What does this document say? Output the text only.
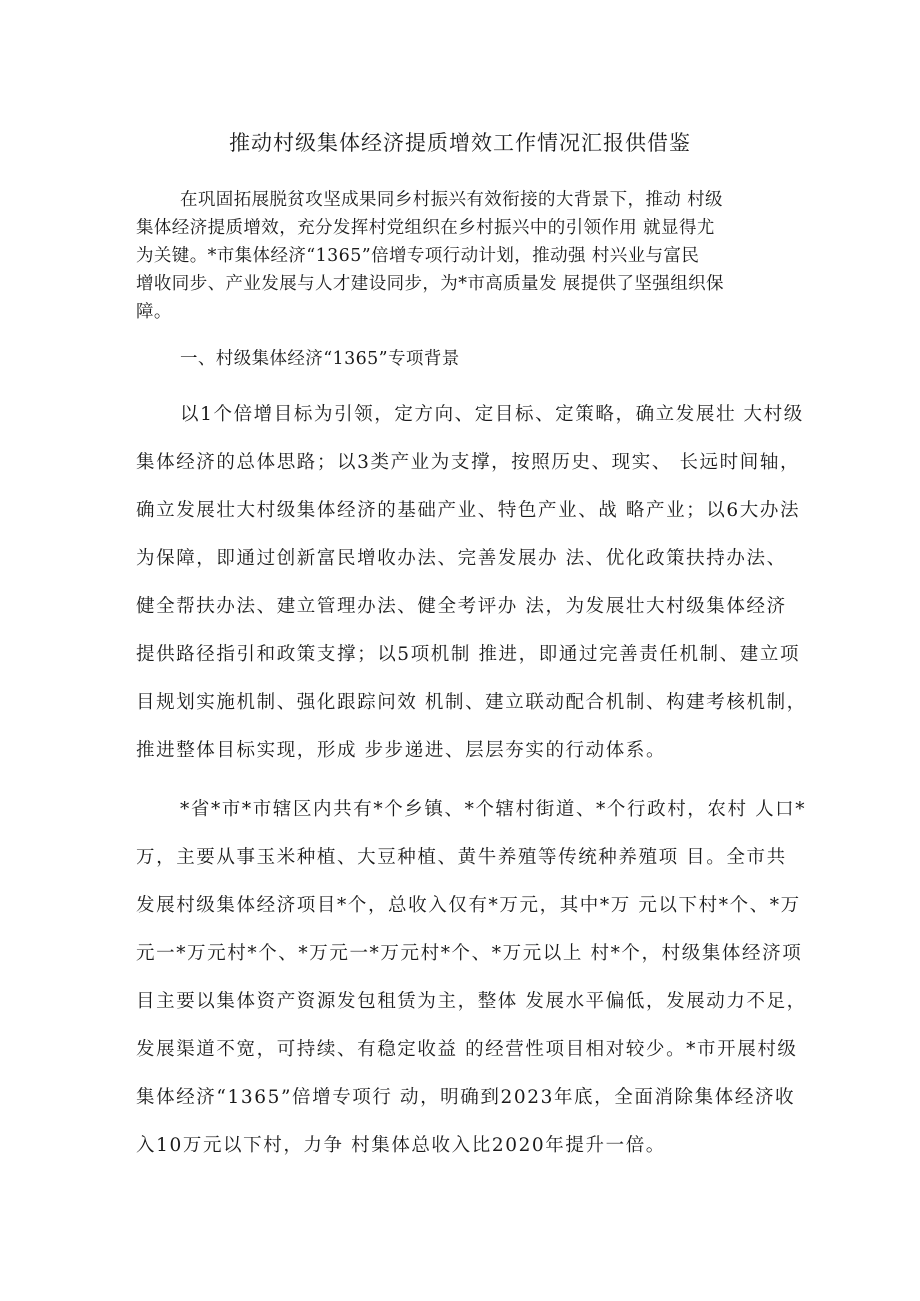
推动村级集体经济提质增效工作情况汇报供借鉴
在巩固拓展脱贫攻坚成果同乡村振兴有效衔接的大背景下，推动 村级
集体经济提质增效，充分发挥村党组织在乡村振兴中的引领作用 就显得尤
为关键。*市集体经济“1365”倍增专项行动计划，推动强 村兴业与富民
增收同步、产业发展与人才建设同步，为*市高质量发 展提供了坚强组织保
障。
一、村级集体经济“1365”专项背景
以1个倍增目标为引领，定方向、定目标、定策略，确立发展壮 大村级
集体经济的总体思路；以3类产业为支撑，按照历史、现实、 长远时间轴，
确立发展壮大村级集体经济的基础产业、特色产业、战 略产业；以6大办法
为保障，即通过创新富民增收办法、完善发展办 法、优化政策扶持办法、
健全帮扶办法、建立管理办法、健全考评办 法，为发展壮大村级集体经济
提供路径指引和政策支撑；以5项机制 推进，即通过完善责任机制、建立项
目规划实施机制、强化跟踪问效 机制、建立联动配合机制、构建考核机制，
推进整体目标实现，形成 步步递进、层层夯实的行动体系。
*省*市*市辖区内共有*个乡镇、*个辖村街道、*个行政村，农村 人口*
万，主要从事玉米种植、大豆种植、黄牛养殖等传统种养殖项 目。全市共
发展村级集体经济项目*个，总收入仅有*万元，其中*万 元以下村*个、*万
元一*万元村*个、*万元一*万元村*个、*万元以上 村*个，村级集体经济项
目主要以集体资产资源发包租赁为主，整体 发展水平偏低，发展动力不足，
发展渠道不宽，可持续、有稳定收益 的经营性项目相对较少。*市开展村级
集体经济“1365”倍增专项行 动，明确到2023年底，全面消除集体经济收
入10万元以下村，力争 村集体总收入比2020年提升一倍。
